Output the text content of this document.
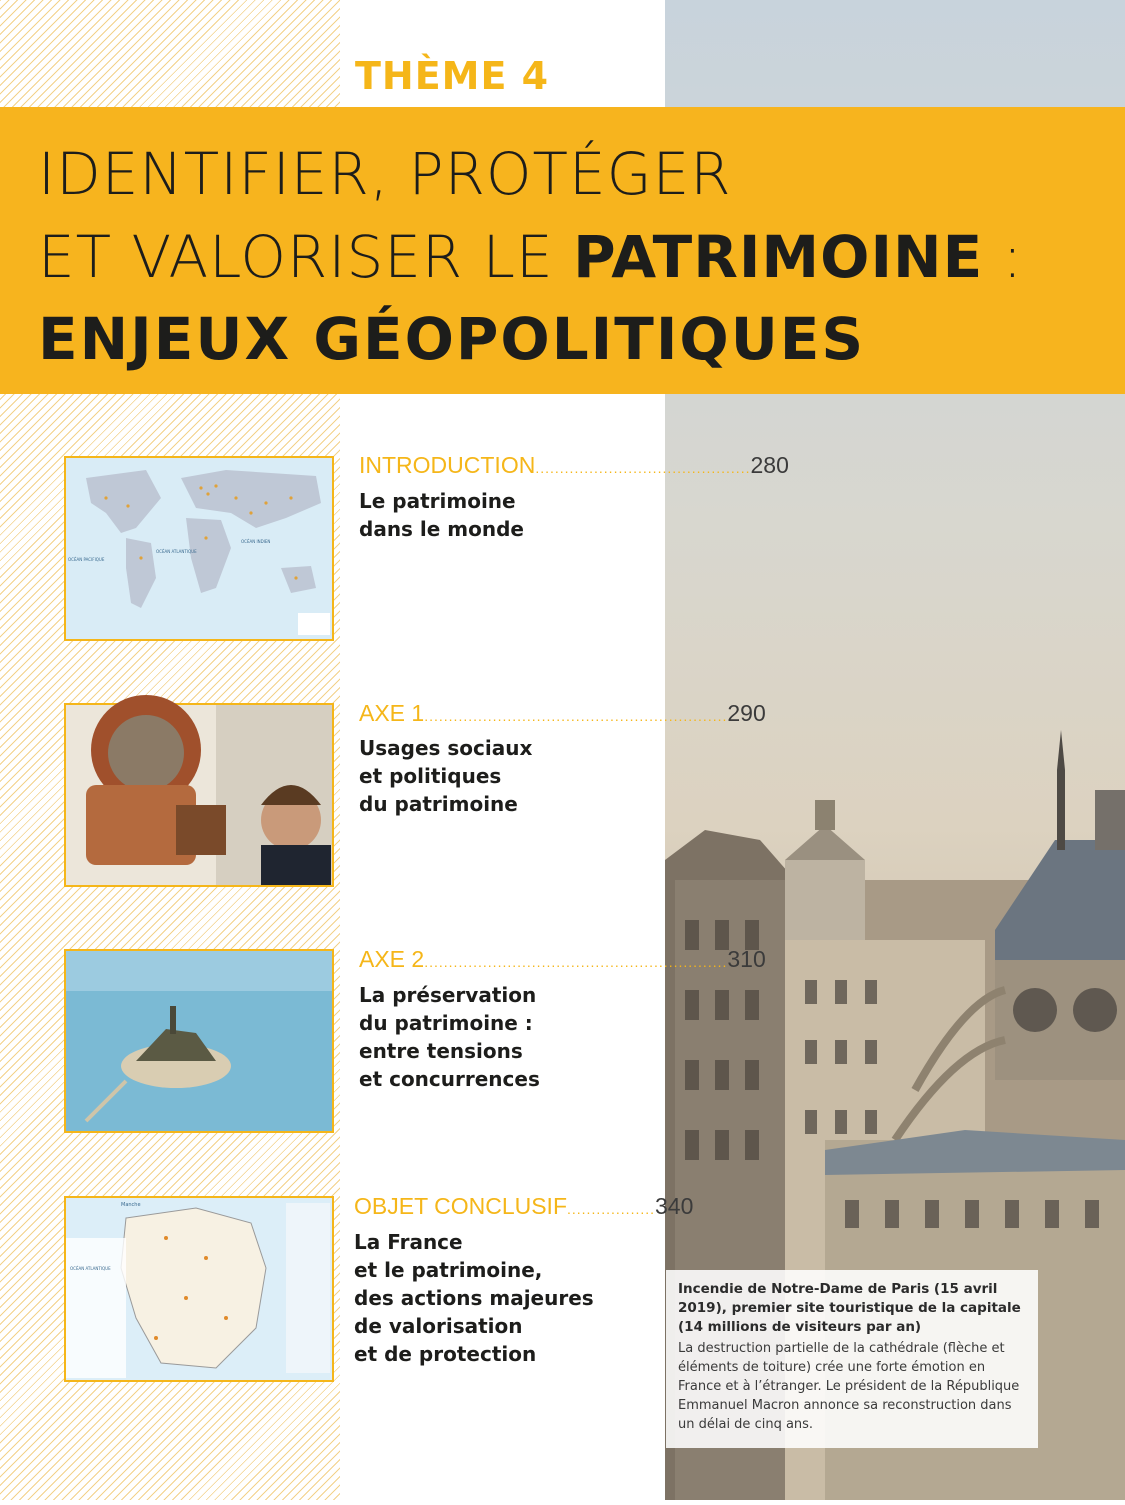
THÈME 4
IDENTIFIER, PROTÉGER
ET VALORISER LE PATRIMOINE :
ENJEUX GÉOPOLITIQUES
OCÉAN PACIFIQUE
OCÉAN ATLANTIQUE
OCÉAN INDIEN
Manche
OCÉAN ATLANTIQUE
INTRODUCTION ............................................ 280
Le patrimoine
dans le monde
AXE 1 .............................................................. 290
Usages sociaux
et politiques
du patrimoine
AXE 2 .............................................................. 310
La préservation
du patrimoine :
entre tensions
et concurrences
OBJET CONCLUSIF .................. 340
La France
et le patrimoine,
des actions majeures
de valorisation
et de protection
Incendie de Notre-Dame de Paris (15 avril 2019), premier site touristique de la capitale (14 millions de visiteurs par an)
La destruction partielle de la cathédrale (flèche et éléments de toiture) crée une forte émotion en France et à l’étranger. Le président de la République Emmanuel Macron annonce sa reconstruction dans un délai de cinq ans.
